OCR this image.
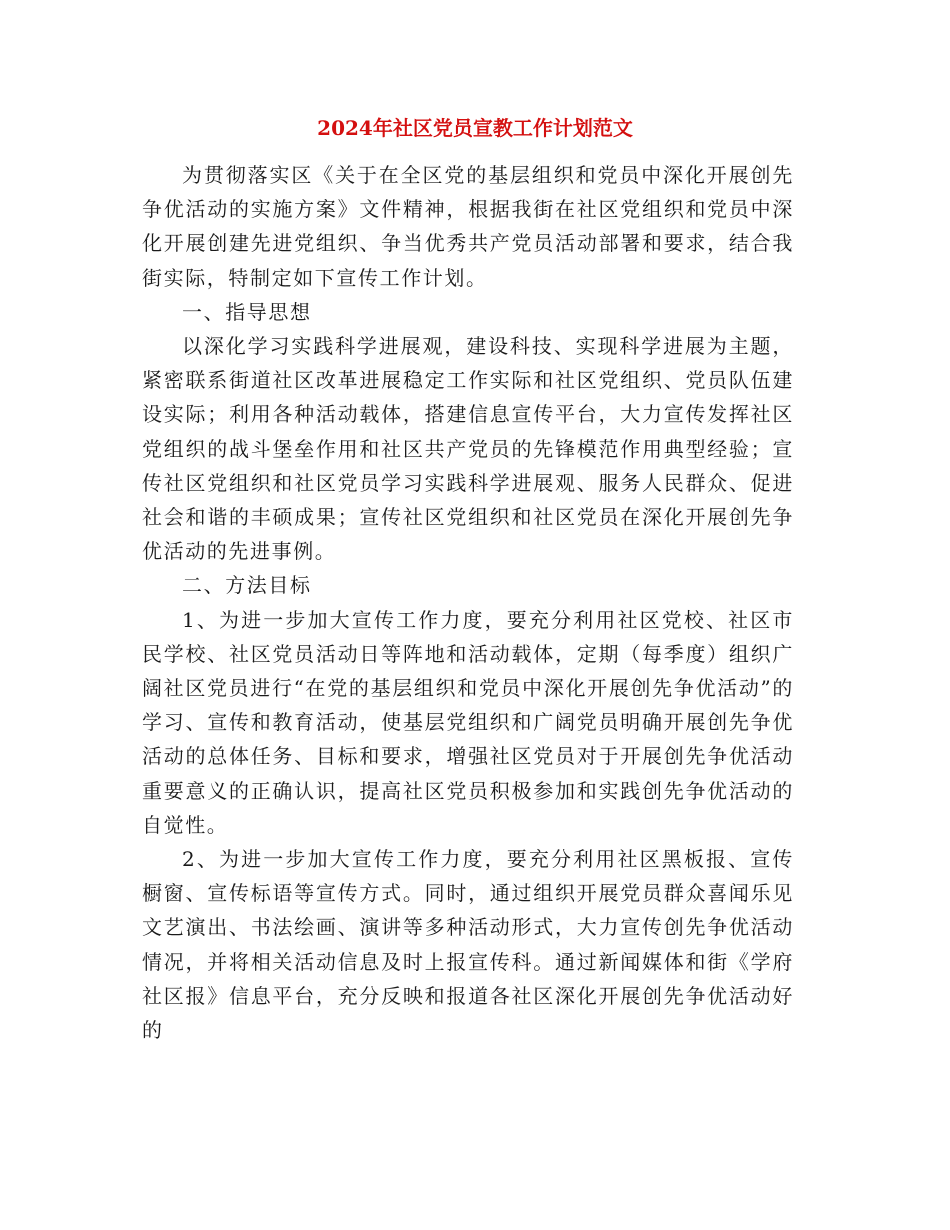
2024年社区党员宣教工作计划范文

为贯彻落实区《关于在全区党的基层组织和党员中深化开展创先争优活动的实施方案》文件精神，根据我街在社区党组织和党员中深化开展创建先进党组织、争当优秀共产党员活动部署和要求，结合我街实际，特制定如下宣传工作计划。

一、指导思想

以深化学习实践科学进展观，建设科技、实现科学进展为主题，紧密联系街道社区改革进展稳定工作实际和社区党组织、党员队伍建设实际；利用各种活动载体，搭建信息宣传平台，大力宣传发挥社区党组织的战斗堡垒作用和社区共产党员的先锋模范作用典型经验；宣传社区党组织和社区党员学习实践科学进展观、服务人民群众、促进社会和谐的丰硕成果；宣传社区党组织和社区党员在深化开展创先争优活动的先进事例。

二、方法目标

1、为进一步加大宣传工作力度，要充分利用社区党校、社区市民学校、社区党员活动日等阵地和活动载体，定期（每季度）组织广阔社区党员进行“在党的基层组织和党员中深化开展创先争优活动”的学习、宣传和教育活动，使基层党组织和广阔党员明确开展创先争优活动的总体任务、目标和要求，增强社区党员对于开展创先争优活动重要意义的正确认识，提高社区党员积极参加和实践创先争优活动的自觉性。

2、为进一步加大宣传工作力度，要充分利用社区黑板报、宣传橱窗、宣传标语等宣传方式。同时，通过组织开展党员群众喜闻乐见文艺演出、书法绘画、演讲等多种活动形式，大力宣传创先争优活动情况，并将相关活动信息及时上报宣传科。通过新闻媒体和街《学府社区报》信息平台，充分反映和报道各社区深化开展创先争优活动好的
